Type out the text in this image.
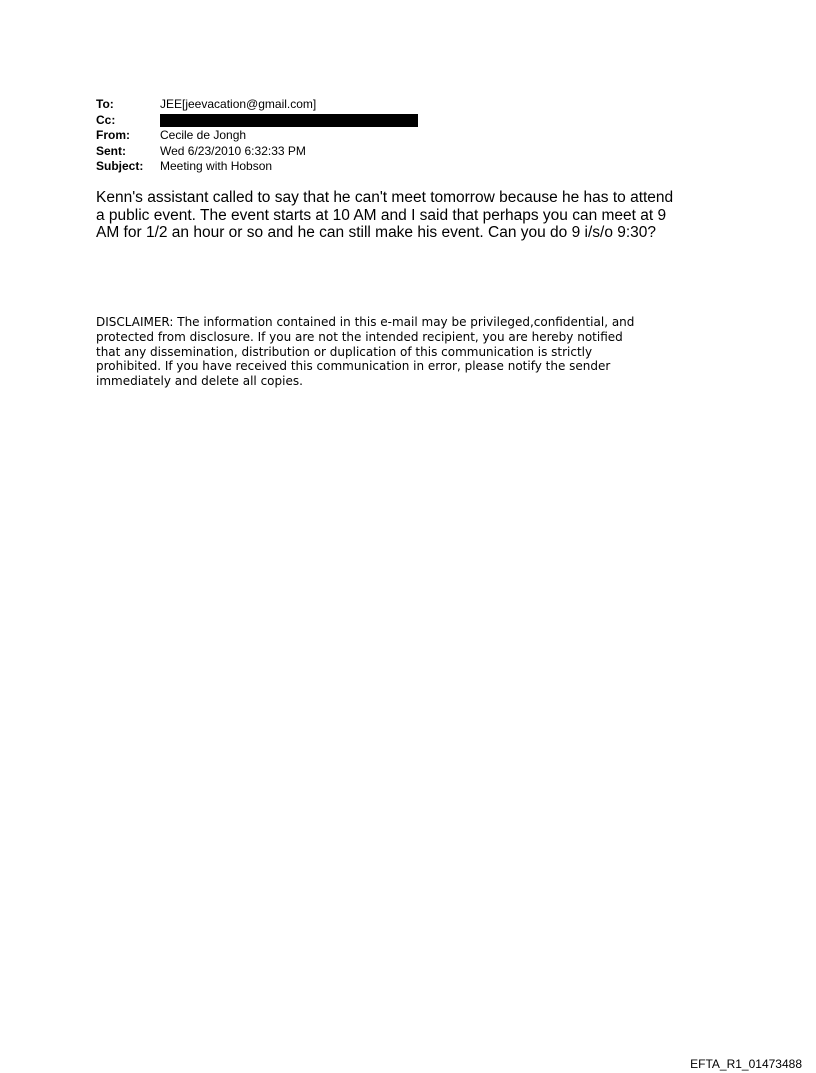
To:	JEE[jeevacation@gmail.com]
Cc:
From:	Cecile de Jongh
Sent:	Wed 6/23/2010 6:32:33 PM
Subject: Meeting with Hobson
Kenn's assistant called to say that he can't meet tomorrow because he has to attend
a public event. The event starts at 10 AM and I said that perhaps you can meet at 9
AM for 1/2 an hour or so and he can still make his event. Can you do 9 i/s/o 9:30?
DISCLAIMER: The information contained in this e-mail may be privileged,confidential, and
protected from disclosure. If you are not the intended recipient, you are hereby notified
that any dissemination, distribution or duplication of this communication is strictly
prohibited. If you have received this communication in error, please notify the sender
immediately and delete all copies.
EFTA_R1_01473488
